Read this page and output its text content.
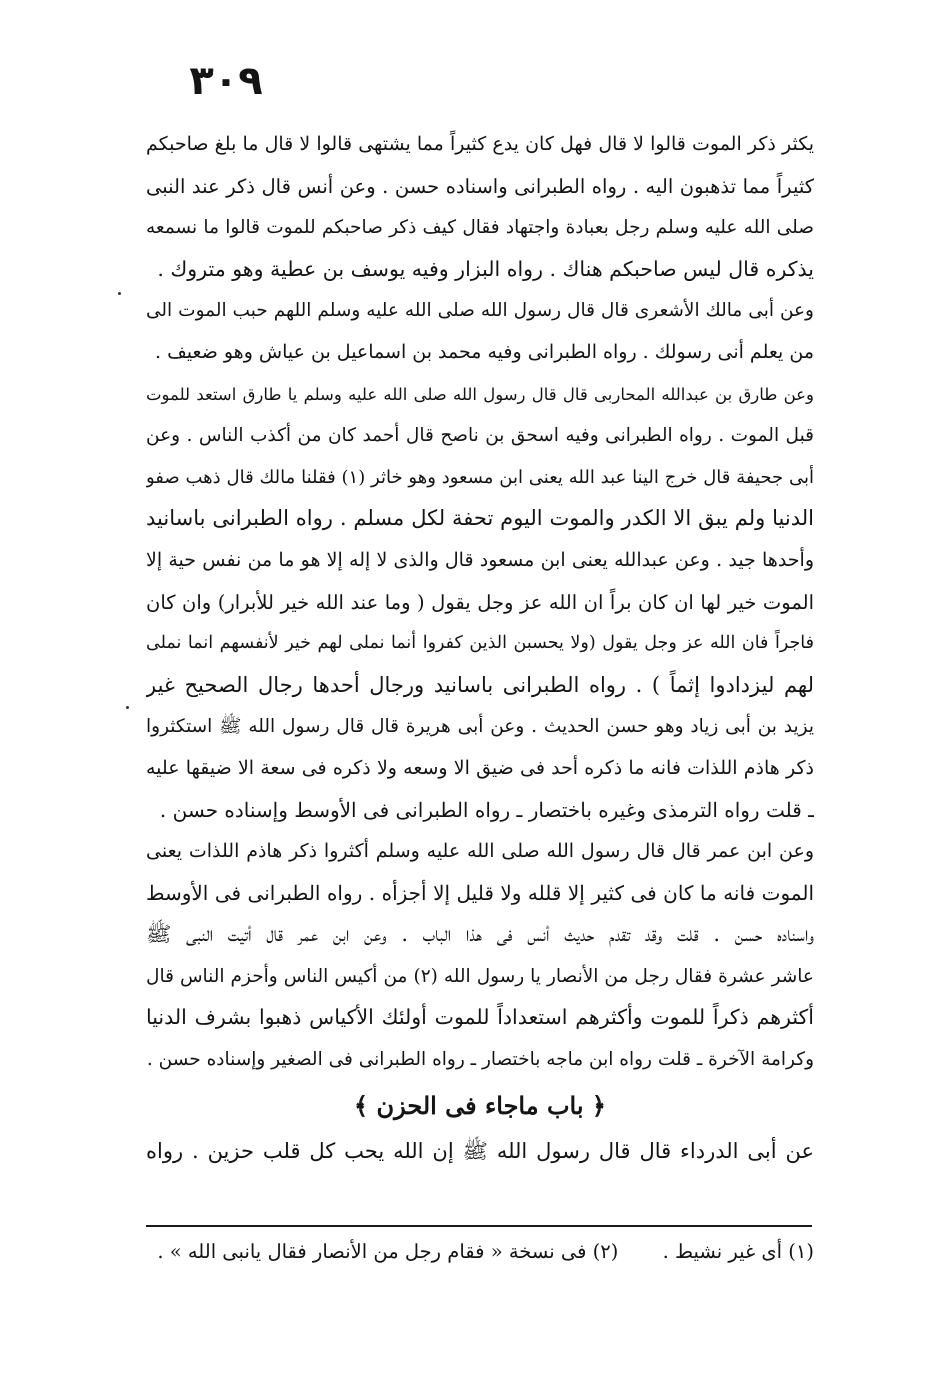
٣٠٩
يكثر ذكر الموت قالوا لا قال فهل كان يدع كثيراً مما يشتهى قالوا لا قال ما بلغ صاحبكم
كثيراً مما تذهبون اليه . رواه الطبرانى واسناده حسن . وعن أنس قال ذكر عند النبى
صلى الله عليه وسلم رجل بعبادة واجتهاد فقال كيف ذكر صاحبكم للموت قالوا ما نسمعه
يذكره قال ليس صاحبكم هناك . رواه البزار وفيه يوسف بن عطية وهو متروك .
وعن أبى مالك الأشعرى قال قال رسول الله صلى الله عليه وسلم اللهم حبب الموت الى
من يعلم أنى رسولك . رواه الطبرانى وفيه محمد بن اسماعيل بن عياش وهو ضعيف .
وعن طارق بن عبدالله المحاربى قال قال رسول الله صلى الله عليه وسلم يا طارق استعد للموت
قبل الموت . رواه الطبرانى وفيه اسحق بن ناصح قال أحمد كان من أكذب الناس . وعن
أبى جحيفة قال خرج الينا عبد الله يعنى ابن مسعود وهو خاثر (١) فقلنا مالك قال ذهب صفو
الدنيا ولم يبق الا الكدر والموت اليوم تحفة لكل مسلم . رواه الطبرانى باسانيد
وأحدها جيد . وعن عبدالله يعنى ابن مسعود قال والذى لا إله إلا هو ما من نفس حية إلا
الموت خير لها ان كان براً ان الله عز وجل يقول ( وما عند الله خير للأبرار) وان كان
فاجراً فان الله عز وجل يقول (ولا يحسبن الذين كفروا أنما نملى لهم خير لأنفسهم انما نملى
لهم ليزدادوا إثماً ) . رواه الطبرانى باسانيد ورجال أحدها رجال الصحيح غير
يزيد بن أبى زياد وهو حسن الحديث . وعن أبى هريرة قال قال رسول الله ﷺ استكثروا
ذكر هاذم اللذات فانه ما ذكره أحد فى ضيق الا وسعه ولا ذكره فى سعة الا ضيقها عليه
ـ قلت رواه الترمذى وغيره باختصار ـ رواه الطبرانى فى الأوسط وإسناده حسن .
وعن ابن عمر قال قال رسول الله صلى الله عليه وسلم أكثروا ذكر هاذم اللذات يعنى
الموت فانه ما كان فى كثير إلا قلله ولا قليل إلا أجزأه . رواه الطبرانى فى الأوسط
واسناده حسن . قلت وقد تقدم حديث أنس فى هذا الباب . وعن ابن عمر قال أتيت النبى ﷺ
عاشر عشرة فقال رجل من الأنصار يا رسول الله (٢) من أكيس الناس وأحزم الناس قال
أكثرهم ذكراً للموت وأكثرهم استعداداً للموت أولئك الأكياس ذهبوا بشرف الدنيا
وكرامة الآخرة ـ قلت رواه ابن ماجه باختصار ـ رواه الطبرانى فى الصغير وإسناده حسن .
﴿ باب ماجاء فى الحزن ﴾
عن أبى الدرداء قال قال رسول الله ﷺ إن الله يحب كل قلب حزين . رواه
(١) أى غير نشيط . (٢) فى نسخة « فقام رجل من الأنصار فقال يانبى الله » .
